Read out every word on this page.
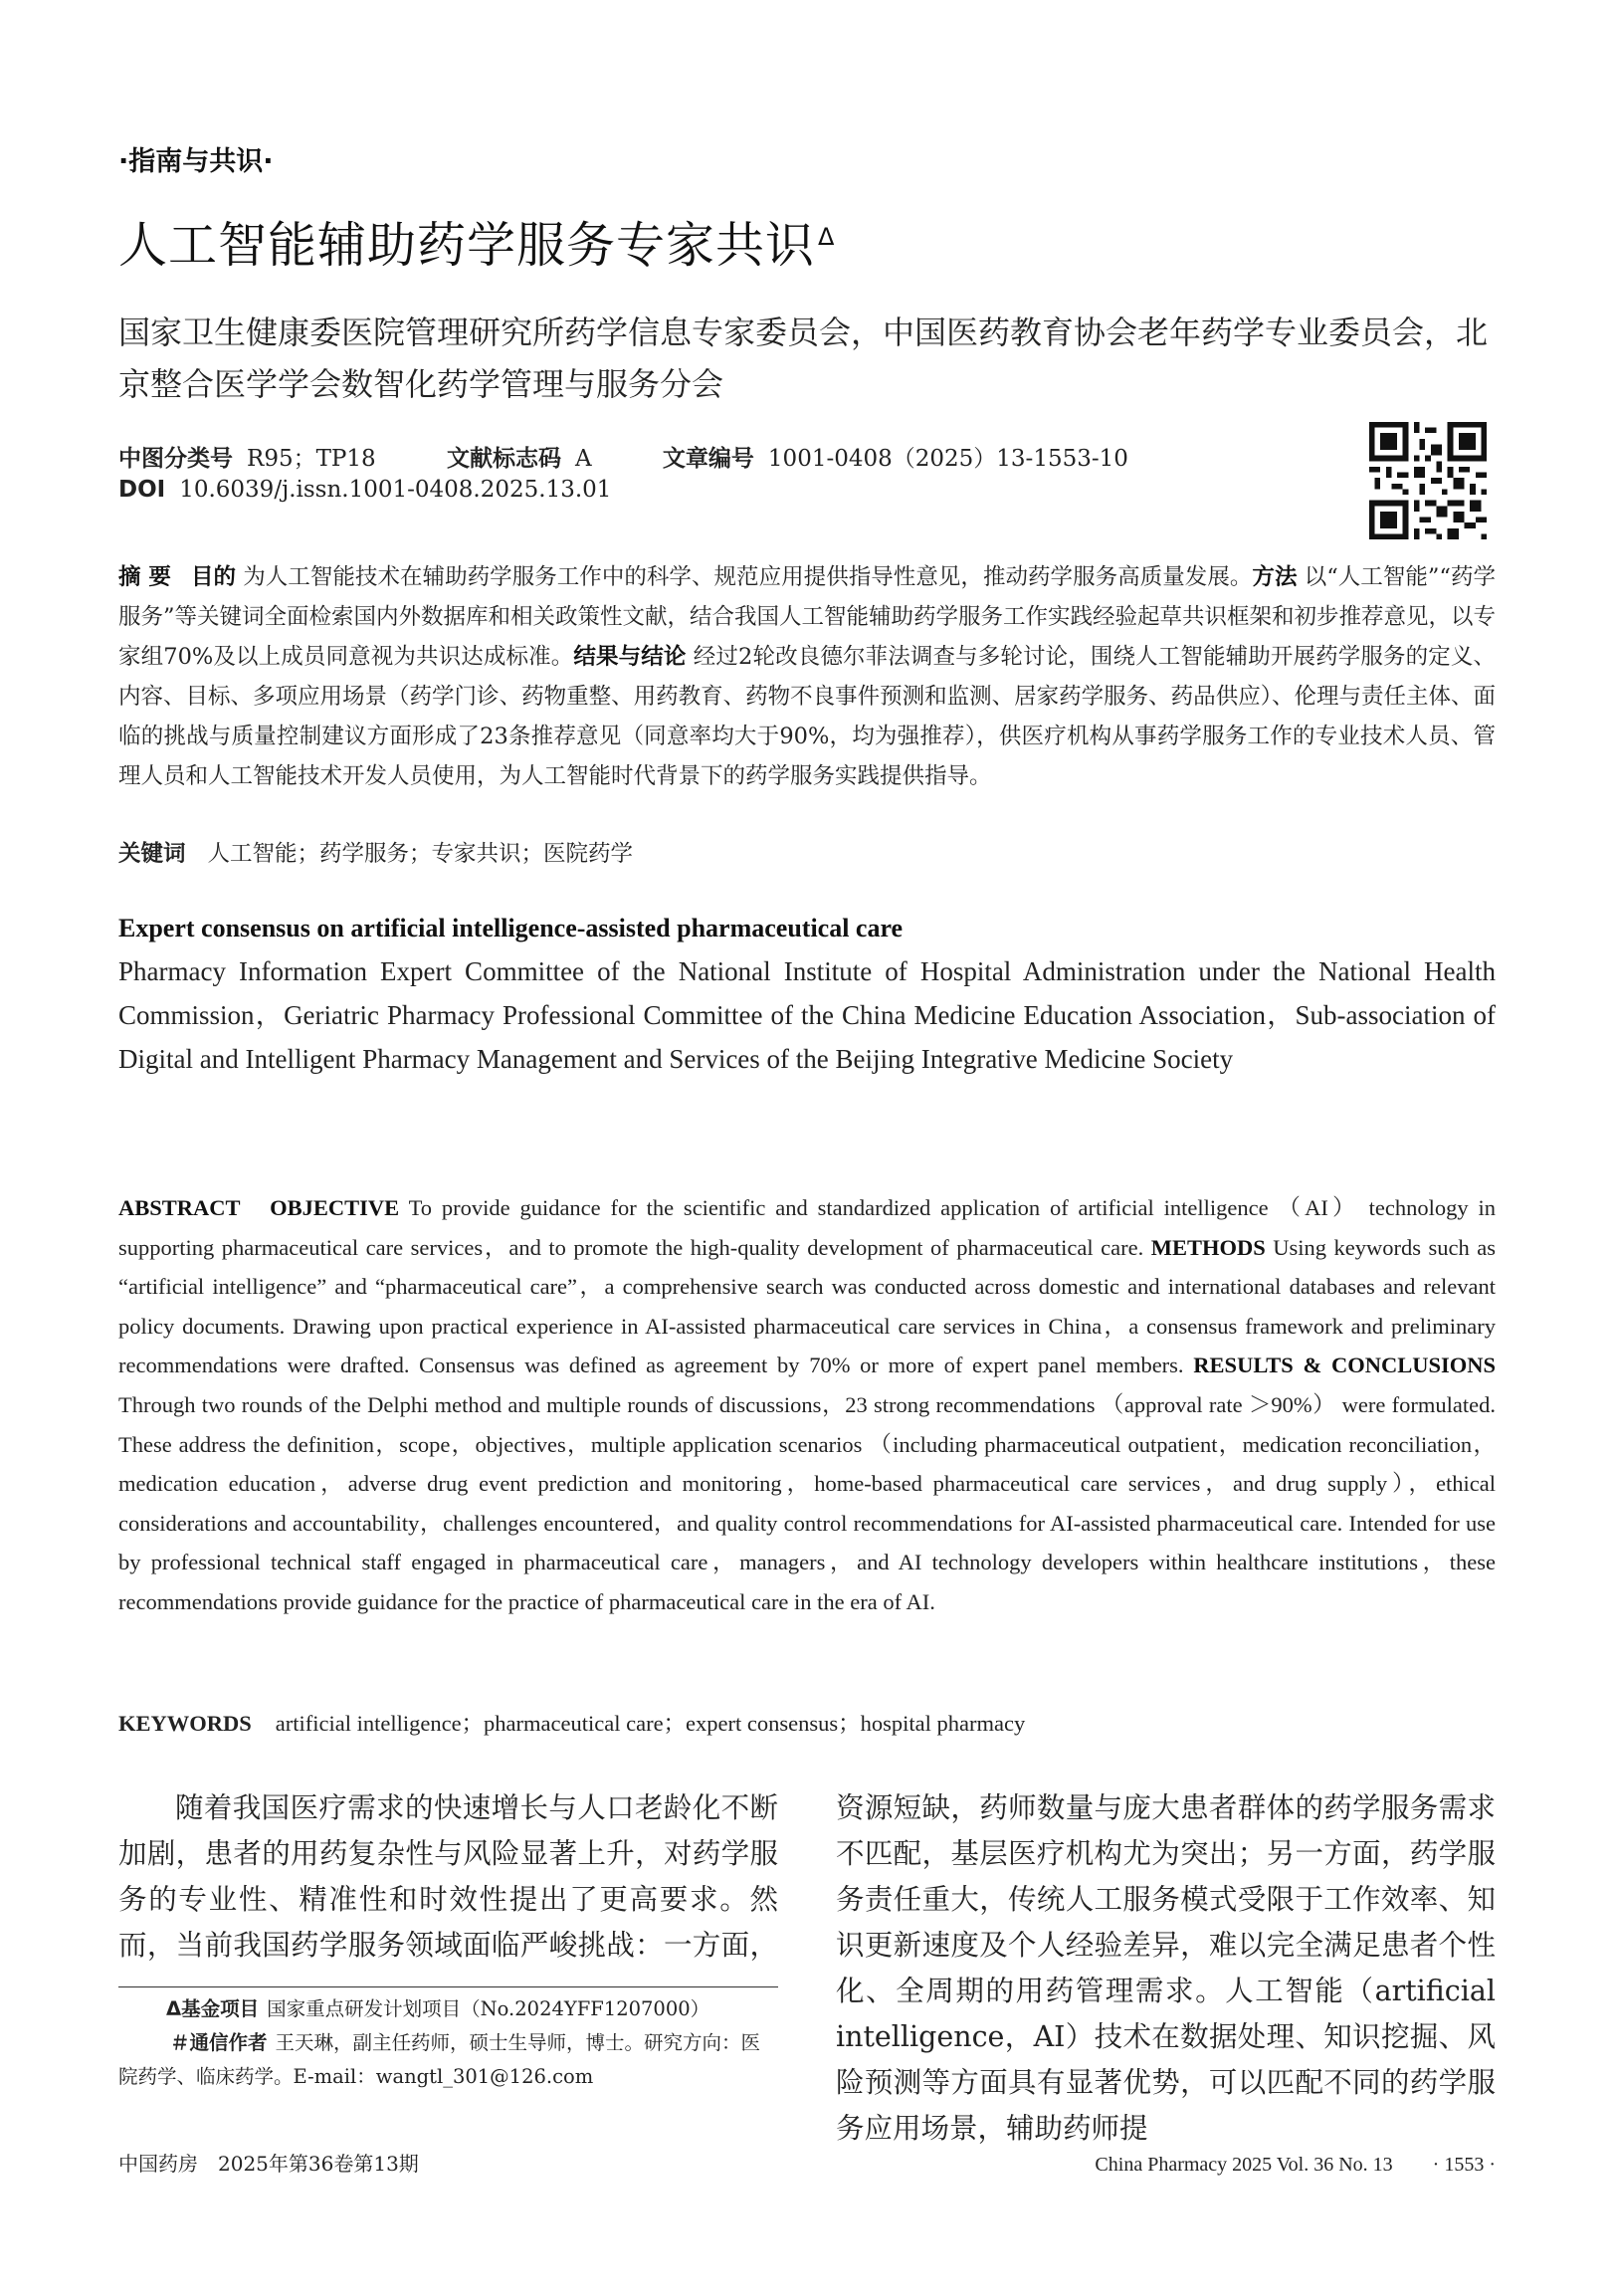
·指南与共识·
人工智能辅助药学服务专家共识 $^\Delta$
国家卫生健康委医院管理研究所药学信息专家委员会，中国医药教育协会老年药学专业委员会，北京整合医学学会数智化药学管理与服务分会
中图分类号 R95；TP18	文献标志码 A	文章编号 1001-0408（2025）13-1553-10
DOI 10.6039/j.issn.1001-0408.2025.13.01
摘 要 目的 为人工智能技术在辅助药学服务工作中的科学、规范应用提供指导性意见，推动药学服务高质量发展。方法 以“人工智能”“药学服务”等关键词全面检索国内外数据库和相关政策性文献，结合我国人工智能辅助药学服务工作实践经验起草共识框架和初步推荐意见，以专家组70%及以上成员同意视为共识达成标准。结果与结论 经过2轮改良德尔菲法调查与多轮讨论，围绕人工智能辅助开展药学服务的定义、内容、目标、多项应用场景（药学门诊、药物重整、用药教育、药物不良事件预测和监测、居家药学服务、药品供应）、伦理与责任主体、面临的挑战与质量控制建议方面形成了23条推荐意见（同意率均大于90%，均为强推荐），供医疗机构从事药学服务工作的专业技术人员、管理人员和人工智能技术开发人员使用，为人工智能时代背景下的药学服务实践提供指导。
关键词 人工智能；药学服务；专家共识；医院药学
Expert consensus on artificial intelligence-assisted pharmaceutical care
Pharmacy Information Expert Committee of the National Institute of Hospital Administration under the National Health Commission，Geriatric Pharmacy Professional Committee of the China Medicine Education Association，Sub-association of Digital and Intelligent Pharmacy Management and Services of the Beijing Integrative Medicine Society
ABSTRACT OBJECTIVE To provide guidance for the scientific and standardized application of artificial intelligence （AI） technology in supporting pharmaceutical care services，and to promote the high-quality development of pharmaceutical care. METHODS Using keywords such as “artificial intelligence” and “pharmaceutical care”，a comprehensive search was conducted across domestic and international databases and relevant policy documents. Drawing upon practical experience in AI-assisted pharmaceutical care services in China，a consensus framework and preliminary recommendations were drafted. Consensus was defined as agreement by 70% or more of expert panel members. RESULTS & CONCLUSIONS Through two rounds of the Delphi method and multiple rounds of discussions，23 strong recommendations （approval rate ＞90%） were formulated. These address the definition，scope，objectives，multiple application scenarios （including pharmaceutical outpatient，medication reconciliation，medication education，adverse drug event prediction and monitoring，home-based pharmaceutical care services，and drug supply），ethical considerations and accountability，challenges encountered，and quality control recommendations for AI-assisted pharmaceutical care. Intended for use by professional technical staff engaged in pharmaceutical care，managers，and AI technology developers within healthcare institutions，these recommendations provide guidance for the practice of pharmaceutical care in the era of AI.
KEYWORDS artificial intelligence；pharmaceutical care；expert consensus；hospital pharmacy
随着我国医疗需求的快速增长与人口老龄化不断加剧，患者的用药复杂性与风险显著上升，对药学服务的专业性、精准性和时效性提出了更高要求。然而，当前我国药学服务领域面临严峻挑战：一方面，
资源短缺，药师数量与庞大患者群体的药学服务需求不匹配，基层医疗机构尤为突出；另一方面，药学服务责任重大，传统人工服务模式受限于工作效率、知识更新速度及个人经验差异，难以完全满足患者个性化、全周期的用药管理需求。人工智能（artificial intelligence，AI）技术在数据处理、知识挖掘、风险预测等方面具有显著优势，可以匹配不同的药学服务应用场景，辅助药师提
Δ基金项目 国家重点研发计划项目（No.2024YFF1207000）
＃通信作者 王天琳，副主任药师，硕士生导师，博士。研究方向：医院药学、临床药学。E-mail：wangtl_301@126.com
中国药房　2025年第36卷第13期	China Pharmacy 2025 Vol. 36 No. 13　　· 1553 ·
